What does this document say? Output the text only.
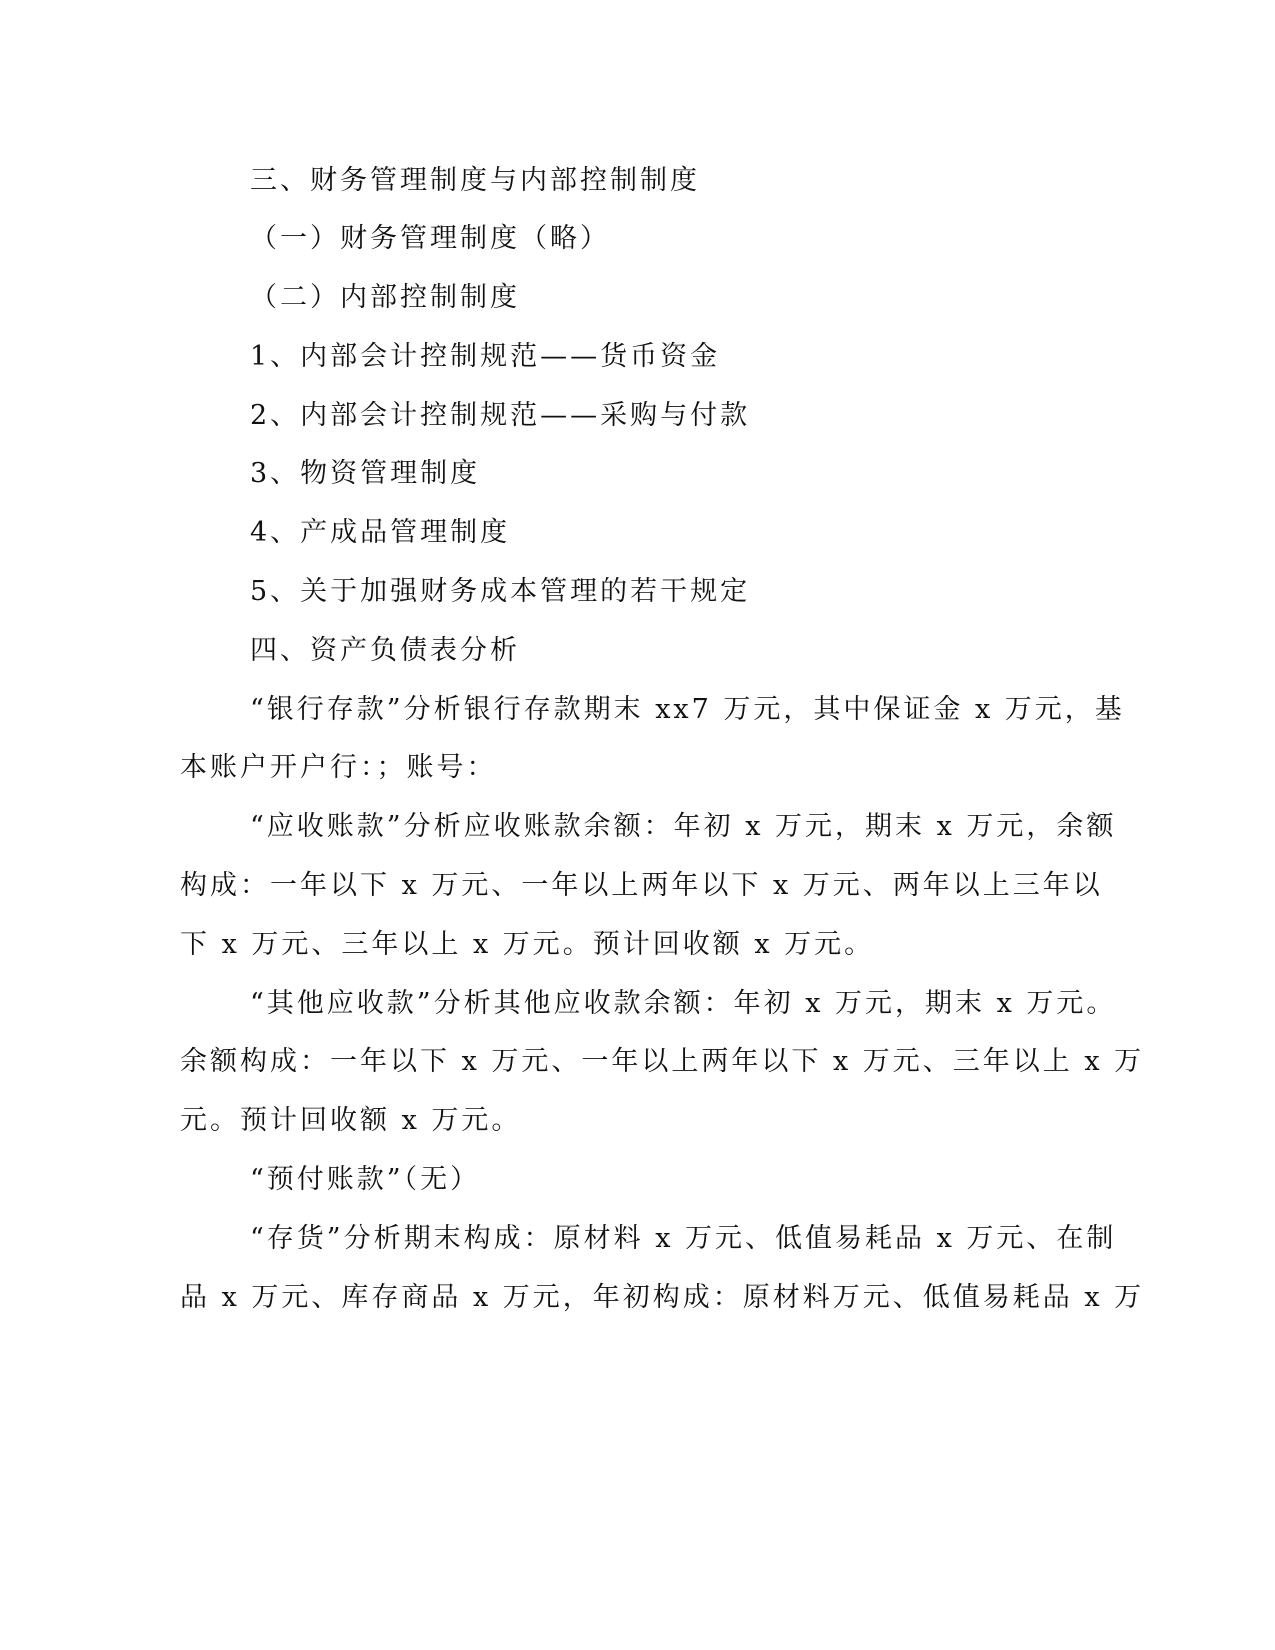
三、财务管理制度与内部控制制度
（一）财务管理制度（略）
（二）内部控制制度
1、内部会计控制规范——货币资金
2、内部会计控制规范——采购与付款
3、物资管理制度
4、产成品管理制度
5、关于加强财务成本管理的若干规定
四、资产负债表分析
“银行存款”分析银行存款期末 xx7 万元，其中保证金 x 万元，基
本账户开户行：；账号：
“应收账款”分析应收账款余额：年初 x 万元，期末 x 万元，余额
构成：一年以下 x 万元、一年以上两年以下 x 万元、两年以上三年以
下 x 万元、三年以上 x 万元。预计回收额 x 万元。
“其他应收款”分析其他应收款余额：年初 x 万元，期末 x 万元。
余额构成：一年以下 x 万元、一年以上两年以下 x 万元、三年以上 x 万
元。预计回收额 x 万元。
“预付账款”（无）
“存货”分析期末构成：原材料 x 万元、低值易耗品 x 万元、在制
品 x 万元、库存商品 x 万元，年初构成：原材料万元、低值易耗品 x 万
